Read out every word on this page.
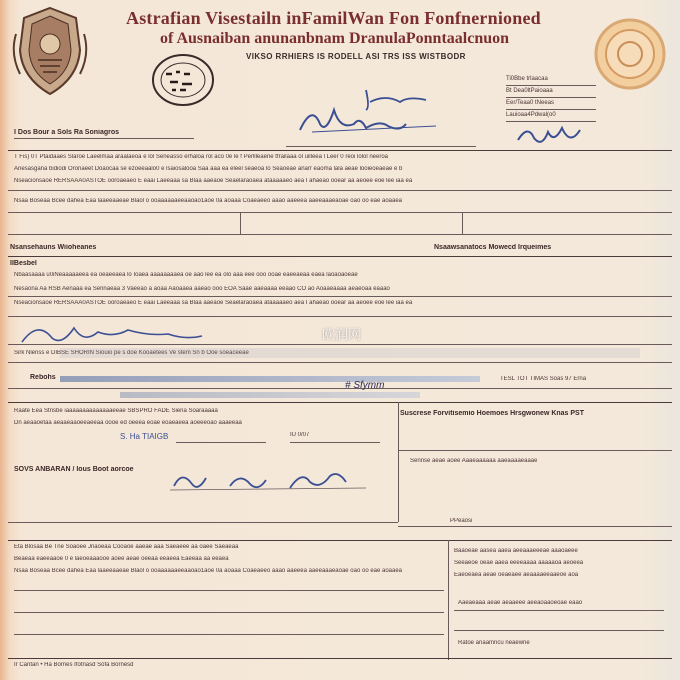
Astrafian Visestailn inFamilWan Fon Fonfnernioned
of Ausnaiban anunanbnam DranulaPonntaalcnuon
VIKSO RRHIERS IS RODELL ASI TRS ISS WISTBODR
Ti0Bbe trlaacaa
Bt Dea0ltPaioaaa
Eer/Teaa0 tNeeas
Lauioaa4Pdwal(o0
I Dos Bour a Sols Ra Soniagros
T Fis) 0T Ptaidaaes Slaroe Laeelmaa araalaeoa e lol Seneasso erhaloa rol aco 0e le f Perllleaene tfrailaaa ol uilleea l Leer 0 reoi lolol neeroa
Anesasgana bidiodi Oronaeet Doaocaa se ezoeeaalo0 e lsaiosalooa Saa aaa ea eleel seaeoa lo Seaoeae anarr eaoma lala aeae looieoeaeae e b
Nseacionsaoe RERSAAA0ASTOE ooroaeaeo E eaai Laeeaaa sa Blaa aaeaoe Seaelaraoaea ataaaaaeo aea I ahaeao ooear aa aeoee eoe lee iaa ea
Nsaa Boseaa Bcee dahea Eaa laaeeaaeae Blaol o ooaaaaaaeeaaoao1aoe 0a aoaaa Coaeaeeo aaao aaeeea aaeeaaaeaoae oao oo eae aoaaea
Nsansehauns Wiioheanes	Nsaawsanatocs Mowecd Irqueimes
IIBesbel
Nbaasaaaa u0iNeaaaaaeea ea oeaeeaea lo Ioaea aaaaaaaaea oe aao lee ea olo aaa eee ooo ooae eaeeaeaa eaea laoaoaoeae
Nesaona Aa RSB Aenaaa ea Sennaeaa 3 Vaeeao a aoaa Aaoaaea aaeao ooo EOA Saae aaeaaaa eeaao CO ao Aoaaeaaaa aeaeoaa eaaao
Nseacionsaoe RERSAAA0ASTOE ooroaeaeo E eaai Laeeaaa sa Blaa aaeaoe Seaelaraoaea ataaaaaeo aea I ahaeao ooear aa aeoee eoe lee iaa ea
Sirk Nlenss e DIBSE SHORIN Siouio pe s doe Kooaetees Ve stem Sn b Ooe soeaceeae
欧润网
Rebohs	TESL TOT TIMAS Soas 97 Erna
# Sfymm
Raate Eea Stnsbe iaaaaaaaaaaaaaaeeae SBSPRO FADE Siena Soaraaaaa
Dn aeaaoetaa aeaaeaaoeeaeeaa oooe ed oeeea eoae eoaeaeea aoeeeoao aaaeeaa
Suscrese Forvitisemio Hoemoes Hrsgwonew Knas PST
S. Ha TIAIGB	IU 0/07
Sennse aeae aoee Aaaeaaaaaa aaeaaaaeaaae
SOVS ANBARAN / lous Boot aorcoe
PPeaosi
Eta Blosaa Be Tne Soaoee Jnaoeaa Cooaoe aaeae aaa Saeaeee aa oaee Saeaeaa
Beaeaa eaeeaaoe 0 e laeoeaaaooe aoee aeae oeeaa eeaeea Eaeeaa aa eeaea
Nsaa Boseaa Bcee dahea Eaa laaeeaaeae Blaol o ooaaaaaaeeaaoao1aoe 0a aoaaa Coaeaeeo aaao aaeeea aaeeaaaeaoae oao oo eae aoaaea
Baaoeae aasea aaea aeeaaaeeeae aaaoaeee
Seeaeoe oeae aaea eeeeaaaa aaaaaoa aeoeea
Eaeoeaea aeae oeaeaee aeaaaaeeaaeoe aoa
Aaeaeaaa aeae aeaaeee aeeaoaaoeoae eaao
Ratoe anaamncu neaewne
Ir Cantan • Ha Bornes Ifotnasd Sofa Bornesd
